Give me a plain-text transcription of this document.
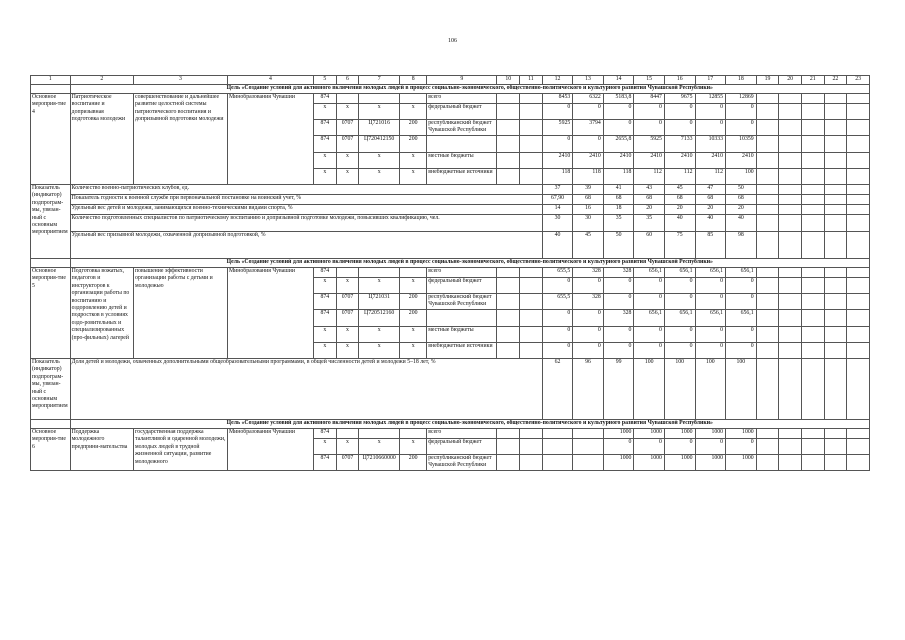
106
1	2	3	4	5	6	7	8	9	10	11	12	13	14	15	16	17	18	19	20	21	22	23
	Цель «Создание условий для активного включения молодых людей в процесс социально-экономического, общественно-политического и культурного развития Чувашской Республики»																					
Основное мероприя-тие 4	Патриотическое воспитание и допризывная подготовка молодежи	совершенствование и дальнейшее развитие целостной системы патриотического воспитания и допризывной подготовки молодежи	Минобразования Чувашии	874				всего			8453	6322	5183,8	8447	9675	12855	12869					
				x	x	x	x	федеральный бюджет			0	0	0	0	0	0	0					
				874	0707	Ц721016	200	республиканский бюджет Чувашской Республики			5925	3794	0	0	0	0	0					
				874	0707	Ц720412150	200				0	0	2655,8	5925	7133	10333	10359					
				x	x	x	x	местные бюджеты			2410	2410	2410	2410	2410	2410	2410					
				x	x	x	x	внебюджетные источники			118	118	118	112	112	112	100					
Показатель (индикатор) подпрограм-мы, увязан-ный с основным мероприятием	Количество военно-патриотических клубов, ед.										37	39	41	43	45	47	50					
	Показатель годности к военной службе при первоначальной постановке на воинский учет, %										67,90	68	68	68	68	68	68					
	Удельный вес детей и молодежи, занимающихся военно-техническими видами спорта, %										14	16	18	20	20	20	20					
	Количество подготовленных специалистов по патриотическому воспитанию и допризывной подготовке молодежи, повысивших квалификацию, чел.										30	30	35	35	40	40	40					
	Удельный вес призывной молодежи, охваченной допризывной подготовкой, %										40	45	50	60	75	85	98					
	Цель «Создание условий для активного включения молодых людей в процесс социально-экономического, общественно-политического и культурного развития Чувашской Республики»																					
Основное мероприя-тие 5	Подготовка вожатых, педагогов и инструкторов к организации работы по воспитанию и оздоровлению детей и подростков в условиях оздо-ровительных и специализированных (про-фильных) лагерей	повышение эффективности организации работы с детьми и молодежью	Минобразования Чувашии	874				всего			655,5	328	328	656,1	656,1	656,1	656,1					
				x	x	x	x	федеральный бюджет			0	0	0	0	0	0	0					
				874	0707	Ц721031	200	республиканский бюджет Чувашской Республики			655,5	328	0	0	0	0	0					
				874	0707	Ц720512160	200				0	0	328	656,1	656,1	656,1	656,1					
				x	x	x	x	местные бюджеты			0	0	0	0	0	0	0					
				x	x	x	x	внебюджетные источники			0	0	0	0	0	0	0					
Показатель (индикатор) подпрограм-мы, увязан-ный с основным мероприятием	Доля детей и молодежи, охваченных дополнительными общеобразовательными программами, в общей численности детей и молодежи 5–18 лет, %										62	96	99	100	100	100	100					
	Цель «Создание условий для активного включения молодых людей в процесс социально-экономического, общественно-политического и культурного развития Чувашской Республики»																					
Основное мероприя-тие 6	Поддержка молодежного предприни-мательства	государственная поддержка талантливой и одаренной молодежи, молодых людей в трудной жизненной ситуации, развитие молодежного	Минобразования Чувашии	874				всего					1000	1000	1000	1000	1000					
				x	x	x	x	федеральный бюджет					0	0	0	0	0					
				874	0707	Ц7210660000	200	республиканский бюджет Чувашской Республики					1000	1000	1000	1000	1000					
